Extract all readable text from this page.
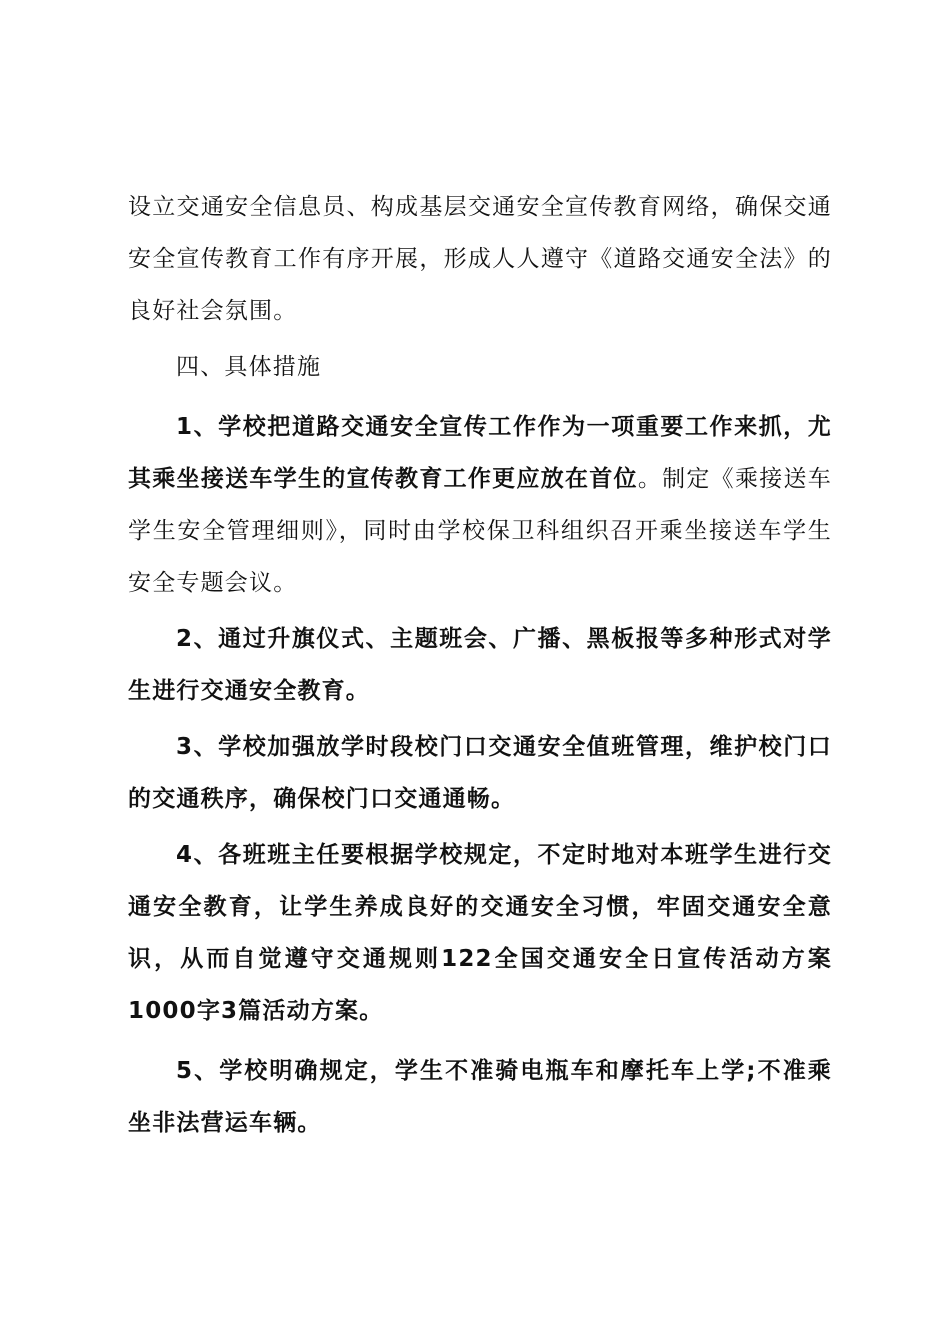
设立交通安全信息员、构成基层交通安全宣传教育网络，确保交通安全宣传教育工作有序开展，形成人人遵守《道路交通安全法》的良好社会氛围。

四、具体措施

1、学校把道路交通安全宣传工作作为一项重要工作来抓，尤其乘坐接送车学生的宣传教育工作更应放在首位。制定《乘接送车学生安全管理细则》，同时由学校保卫科组织召开乘坐接送车学生安全专题会议。

2、通过升旗仪式、主题班会、广播、黑板报等多种形式对学生进行交通安全教育。

3、学校加强放学时段校门口交通安全值班管理，维护校门口的交通秩序，确保校门口交通通畅。

4、各班班主任要根据学校规定，不定时地对本班学生进行交通安全教育，让学生养成良好的交通安全习惯，牢固交通安全意识，从而自觉遵守交通规则122全国交通安全日宣传活动方案1000字3篇活动方案。

5、学校明确规定，学生不准骑电瓶车和摩托车上学;不准乘坐非法营运车辆。
